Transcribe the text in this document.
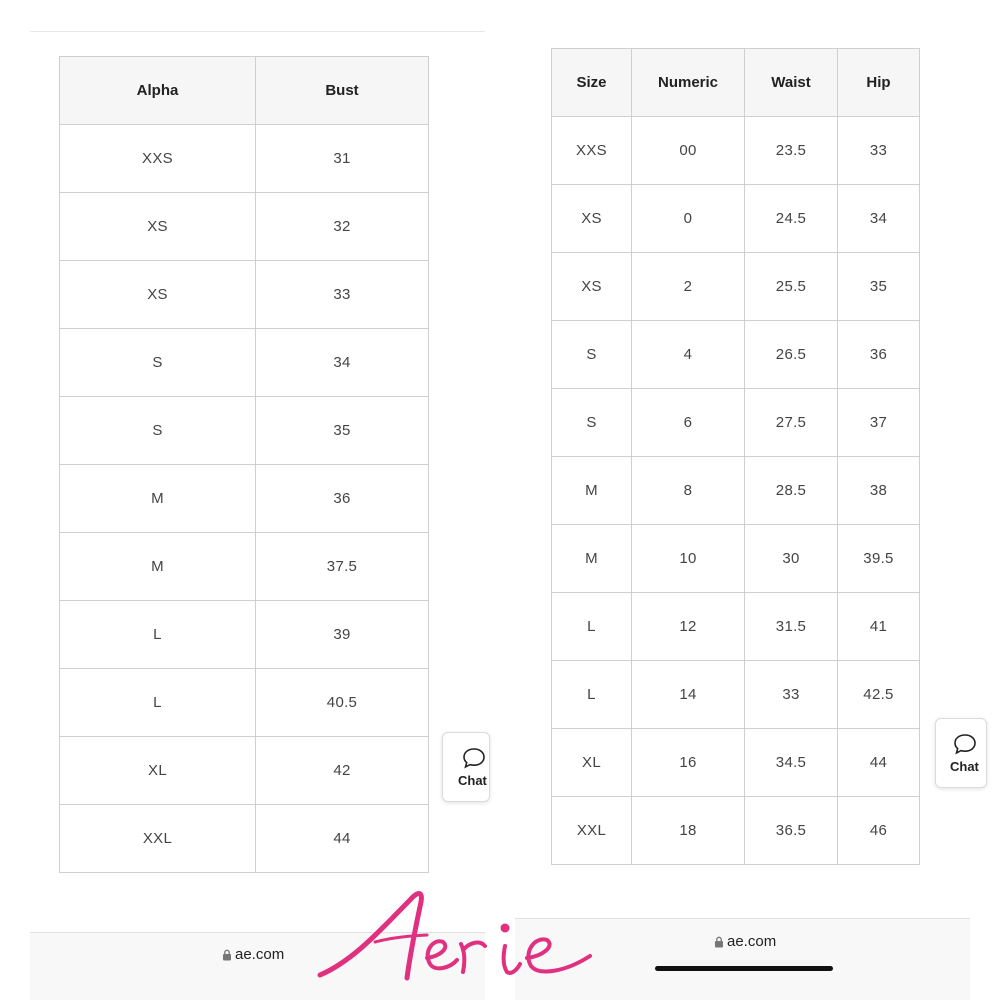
Alpha	Bust
XXS	31
XS	32
XS	33
S	34
S	35
M	36
M	37.5
L	39
L	40.5
XL	42
XXL	44
Size	Numeric	Waist	Hip
XXS	00	23.5	33
XS	0	24.5	34
XS	2	25.5	35
S	4	26.5	36
S	6	27.5	37
M	8	28.5	38
M	10	30	39.5
L	12	31.5	41
L	14	33	42.5
XL	16	34.5	44
XXL	18	36.5	46
Chat
Chat
ae.com
ae.com
